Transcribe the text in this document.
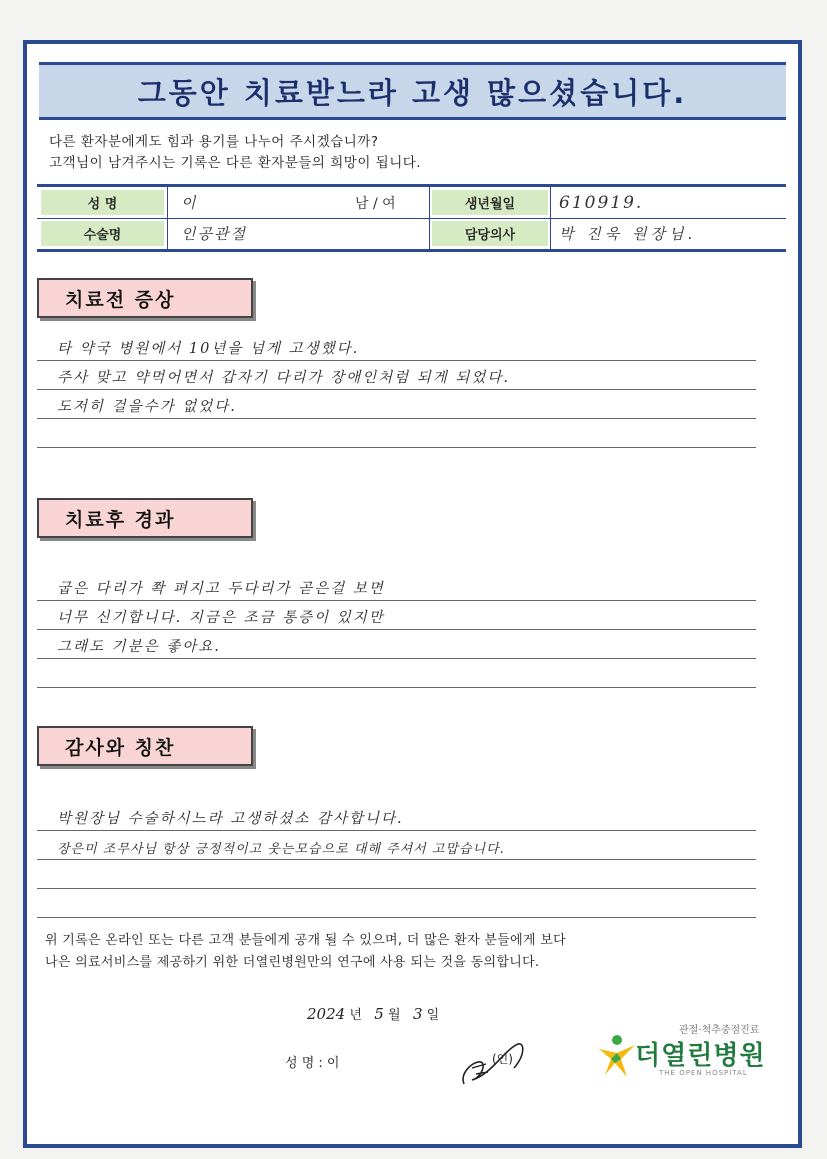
그동안 치료받느라 고생 많으셨습니다.
다른 환자분에게도 힘과 용기를 나누어 주시겠습니까?
고객님이 남겨주시는 기록은 다른 환자분들의 희망이 됩니다.
성 명	이	남 / 여	생년월일	610919.
수술명	인공관절	담당의사	박 진욱 원장님.
치료전 증상
타 약국 병원에서 10년을 넘게 고생했다.
주사 맞고 약먹어면서 갑자기 다리가 장애인처럼 되게 되었다.
도저히 걸을수가 없었다.
치료후 경과
굽은 다리가 쫙 펴지고 두다리가 곧은걸 보면
너무 신기합니다. 지금은 조금 통증이 있지만
그래도 기분은 좋아요.
감사와 칭찬
박원장님 수술하시느라 고생하셨소 감사합니다.
장은미 조무사님 항상 긍정적이고 웃는모습으로 대해 주셔서 고맙습니다.
위 기록은 온라인 또는 다른 고객 분들에게 공개 될 수 있으며, 더 많은 환자 분들에게 보다
나은 의료서비스를 제공하기 위한 더열린병원만의 연구에 사용 되는 것을 동의합니다.
2024 년 5 월 3 일
성 명 : 이	(인)
관절·척추중점진료
더열린병원
THE OPEN HOSPITAL
